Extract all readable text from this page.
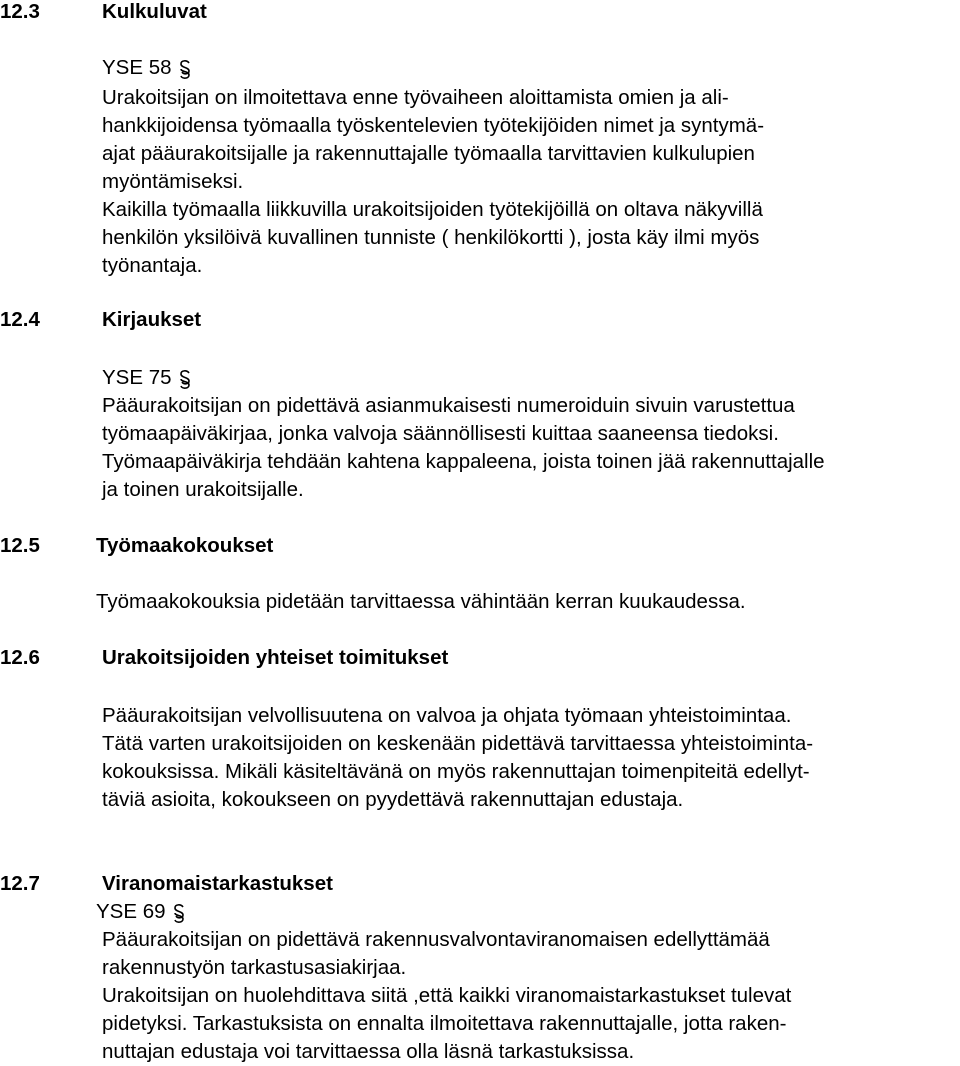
12.3	Kulkuluvat
YSE 58

Urakoitsijan on ilmoitettava enne työvaiheen aloittamista omien ja ali-

hankkijoidensa työmaalla työskentelevien työtekijöiden nimet ja syntymä-

ajat pääurakoitsijalle ja rakennuttajalle työmaalla tarvittavien kulkulupien

myöntämiseksi.

Kaikilla työmaalla liikkuvilla urakoitsijoiden työtekijöillä on oltava näkyvillä

henkilön yksilöivä kuvallinen tunniste ( henkilökortti ), josta käy ilmi myös

työnantaja.

12.4	Kirjaukset
YSE 75

Pääurakoitsijan on pidettävä asianmukaisesti numeroiduin sivuin varustettua

työmaapäiväkirjaa, jonka valvoja säännöllisesti kuittaa saaneensa tiedoksi.

Työmaapäiväkirja tehdään kahtena kappaleena, joista toinen jää rakennuttajalle

ja toinen urakoitsijalle.

12.5	Työmaakokoukset

Työmaakokouksia pidetään tarvittaessa vähintään kerran kuukaudessa.

12.6	Urakoitsijoiden yhteiset toimitukset

Pääurakoitsijan velvollisuutena on valvoa ja ohjata työmaan yhteistoimintaa.

Tätä varten urakoitsijoiden on keskenään pidettävä tarvittaessa yhteistoiminta-

kokouksissa. Mikäli käsiteltävänä on myös rakennuttajan toimenpiteitä edellyt-

täviä asioita, kokoukseen on pyydettävä rakennuttajan edustaja.

12.7	Viranomaistarkastukset
YSE 69

Pääurakoitsijan on pidettävä rakennusvalvontaviranomaisen edellyttämää

rakennustyön tarkastusasiakirjaa.

Urakoitsijan on huolehdittava siitä ,että kaikki viranomaistarkastukset tulevat

pidetyksi. Tarkastuksista on ennalta ilmoitettava rakennuttajalle, jotta raken-

nuttajan edustaja voi tarvittaessa olla läsnä tarkastuksissa.
